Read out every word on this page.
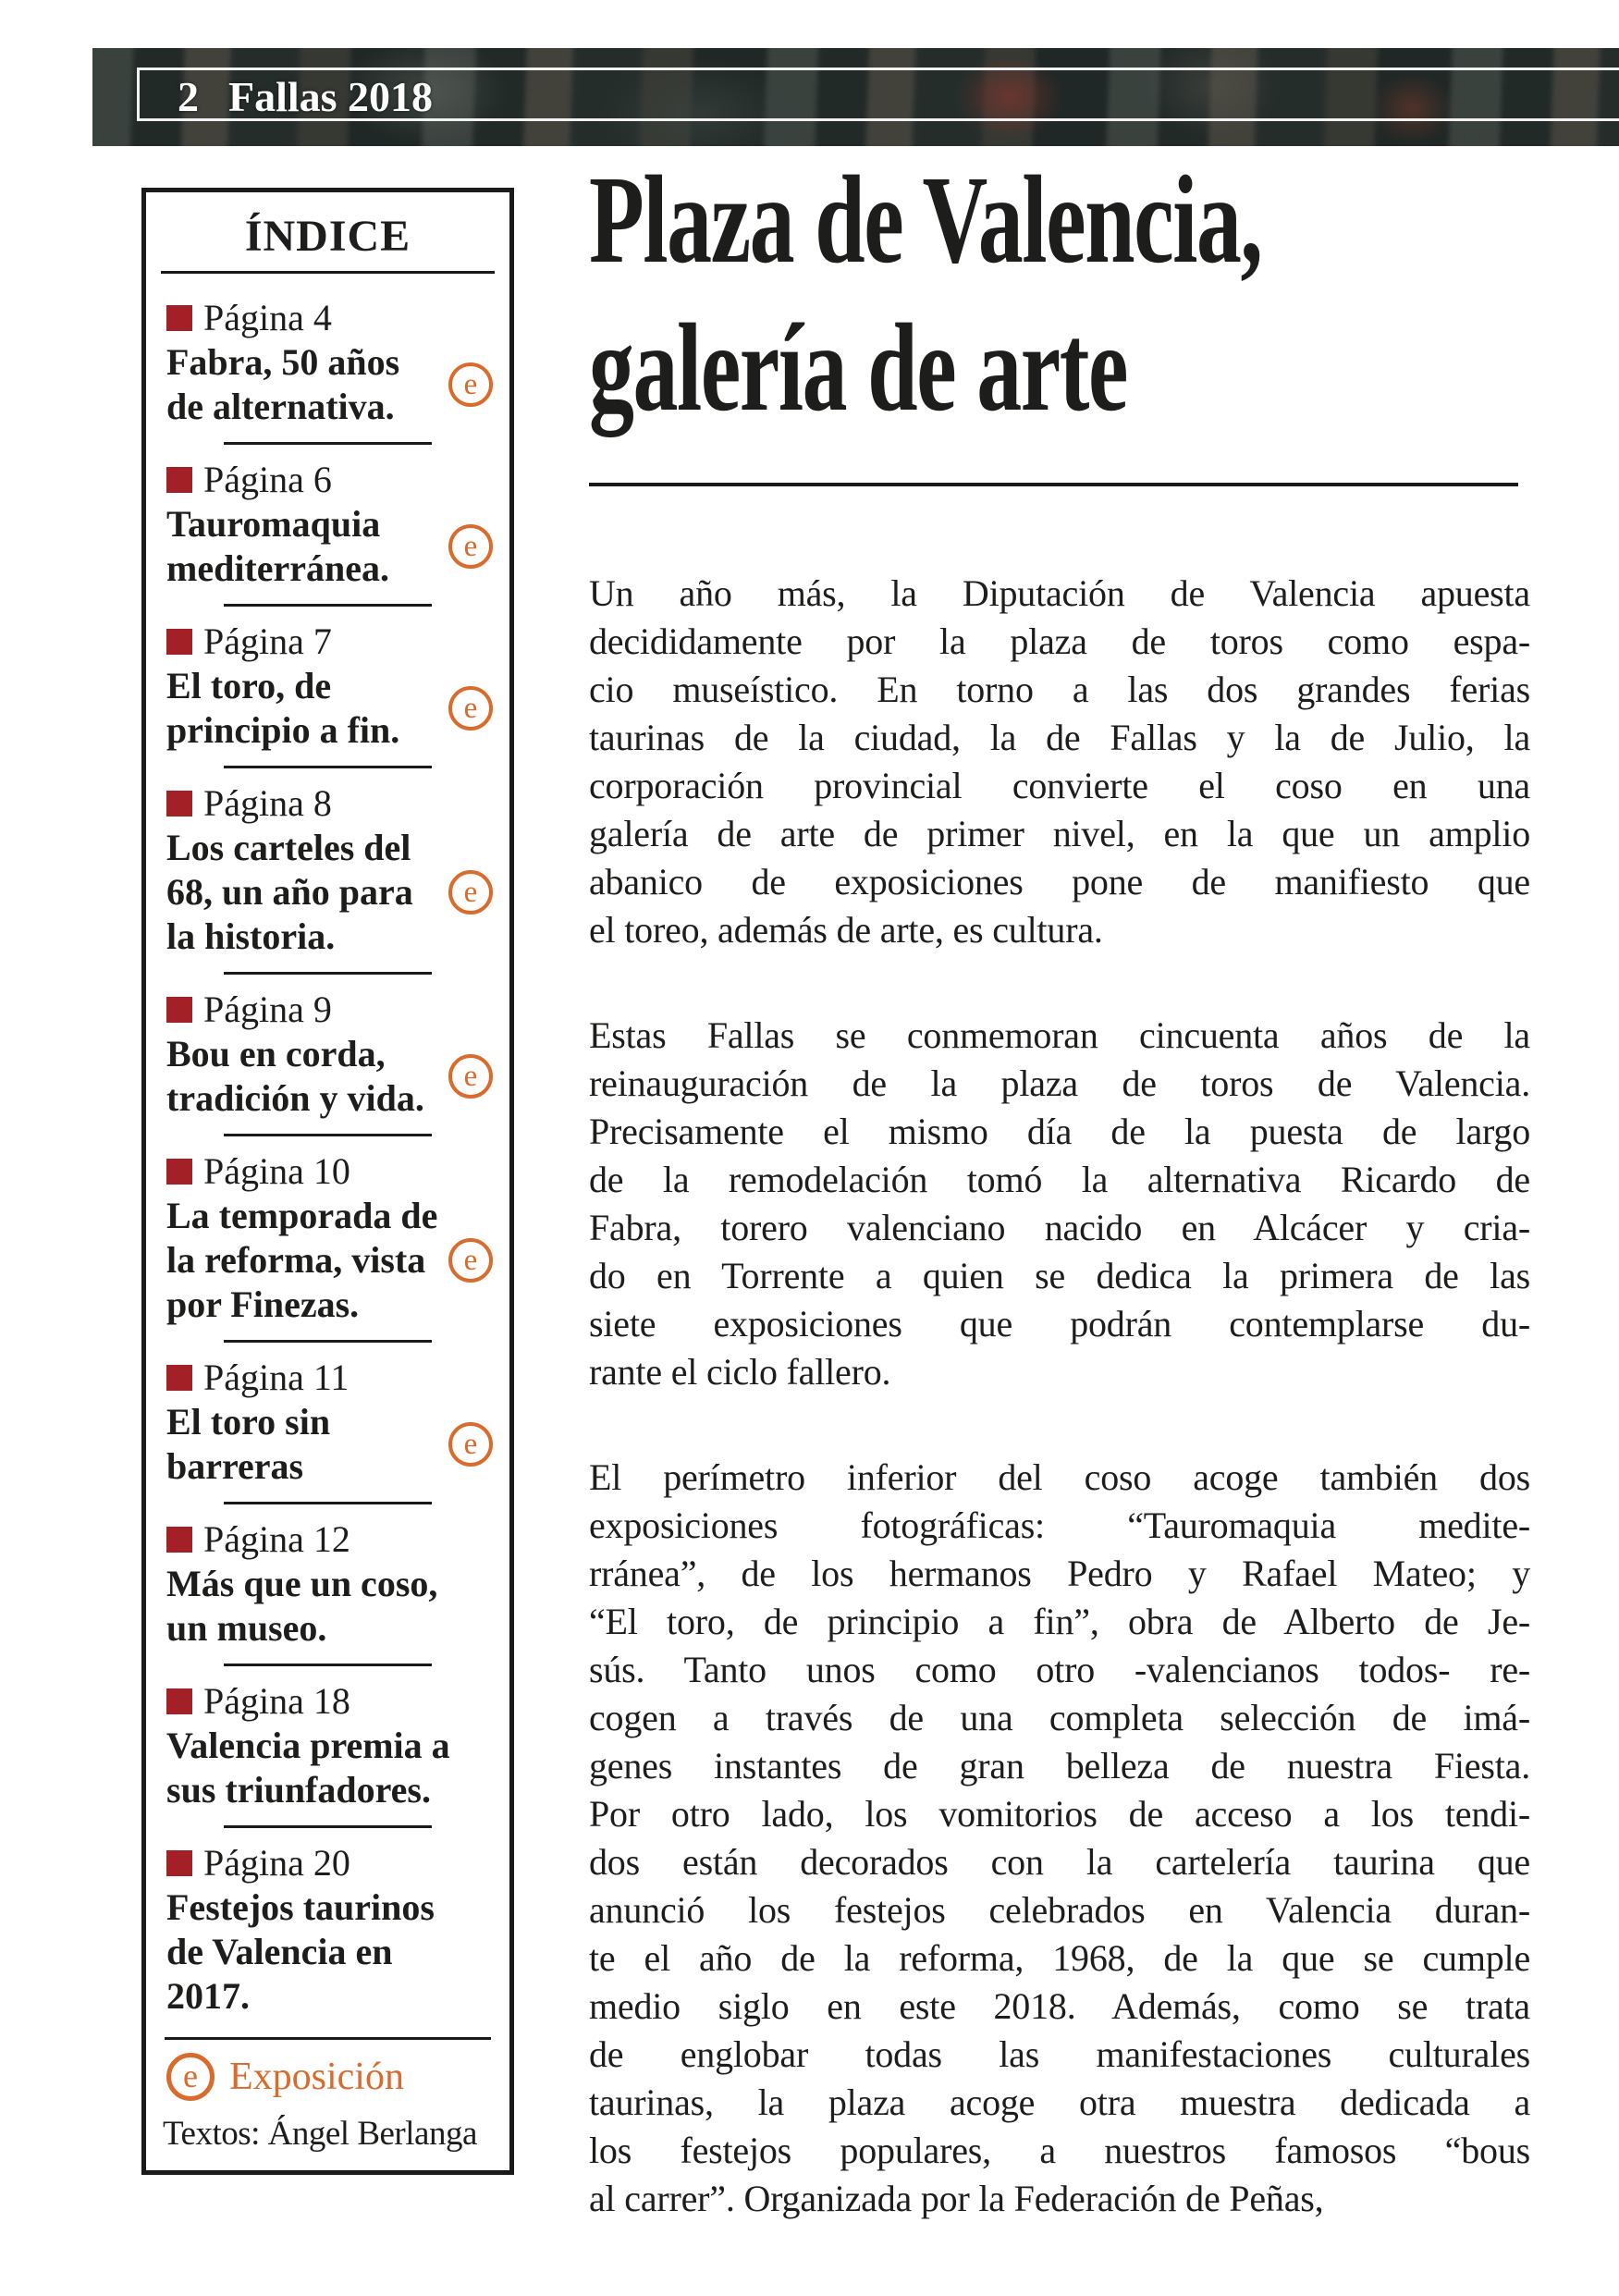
2 Fallas 2018
ÍNDICE
Página 4
Fabra, 50 años
de alternativa.
e
Página 6
Tauromaquia
mediterránea.
e
Página 7
El toro, de
principio a fin.
e
Página 8
Los carteles del
68, un año para
la historia.
e
Página 9
Bou en corda,
tradición y vida.
e
Página 10
La temporada de
la reforma, vista
por Finezas.
e
Página 11
El toro sin
barreras
e
Página 12
Más que un coso,
un museo.
Página 18
Valencia premia a
sus triunfadores.
Página 20
Festejos taurinos
de Valencia en
2017.
e Exposición
Textos: Ángel Berlanga
Plaza de Valencia,
galería de arte
Un año más, la Diputación de Valencia apuesta
decididamente por la plaza de toros como espa-
cio museístico. En torno a las dos grandes ferias
taurinas de la ciudad, la de Fallas y la de Julio, la
corporación provincial convierte el coso en una
galería de arte de primer nivel, en la que un amplio
abanico de exposiciones pone de manifiesto que
el toreo, además de arte, es cultura.
Estas Fallas se conmemoran cincuenta años de la
reinauguración de la plaza de toros de Valencia.
Precisamente el mismo día de la puesta de largo
de la remodelación tomó la alternativa Ricardo de
Fabra, torero valenciano nacido en Alcácer y cria-
do en Torrente a quien se dedica la primera de las
siete exposiciones que podrán contemplarse du-
rante el ciclo fallero.
El perímetro inferior del coso acoge también dos
exposiciones fotográficas: “Tauromaquia medite-
rránea”, de los hermanos Pedro y Rafael Mateo; y
“El toro, de principio a fin”, obra de Alberto de Je-
sús. Tanto unos como otro -valencianos todos- re-
cogen a través de una completa selección de imá-
genes instantes de gran belleza de nuestra Fiesta.
Por otro lado, los vomitorios de acceso a los tendi-
dos están decorados con la cartelería taurina que
anunció los festejos celebrados en Valencia duran-
te el año de la reforma, 1968, de la que se cumple
medio siglo en este 2018. Además, como se trata
de englobar todas las manifestaciones culturales
taurinas, la plaza acoge otra muestra dedicada a
los festejos populares, a nuestros famosos “bous
al carrer”. Organizada por la Federación de Peñas,
